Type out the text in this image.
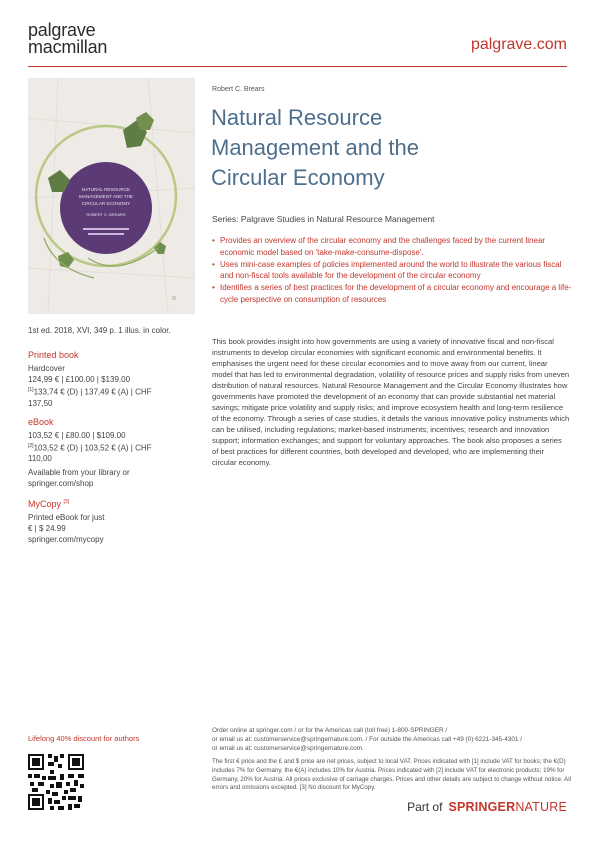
palgrave
macmillan	palgrave.com
NATURAL RESOURCE
MANAGEMENT AND THE
CIRCULAR ECONOMY
ROBERT C. BREARS
1st ed. 2018, XVI, 349 p. 1 illus. in color.
Printed book
Hardcover
124,99 € | £100.00 | $139.00
[1]133,74 € (D) | 137,49 € (A) | CHF
137,50
eBook
103,52 € | £80.00 | $109.00
[2]103,52 € (D) | 103,52 € (A) | CHF
110,00
Available from your library or
springer.com/shop
MyCopy [3]
Printed eBook for just
€ | $ 24.99
springer.com/mycopy
Robert C. Brears
Natural Resource
Management and the
Circular Economy
Series: Palgrave Studies in Natural Resource Management
• Provides an overview of the circular economy and the challenges faced by the current linear economic model based on 'take-make-consume-dispose'.
• Uses mini-case examples of policies implemented around the world to illustrate the various fiscal and non-fiscal tools available for the development of the circular economy
• Identifies a series of best practices for the development of a circular economy and encourage a life-cycle perspective on consumption of resources

This book provides insight into how governments are using a variety of innovative fiscal and non-fiscal instruments to develop circular economies with significant economic and environmental benefits. It emphasises the urgent need for these circular economies and to move away from our current, linear model that has led to environmental degradation, volatility of resource prices and supply risks from uneven distribution of natural resources. Natural Resource Management and the Circular Economy illustrates how governments have promoted the development of an economy that can provide substantial net material savings; mitigate price volatility and supply risks; and improve ecosystem health and long-term resilience of the economy. Through a series of case studies, it details the various innovative policy instruments which can be utilised, including regulations; market-based instruments; incentives; research and innovation support; information exchanges; and support for voluntary approaches. The book also proposes a series of best practices for different countries, both developed and developed, who are implementing their circular economy.

Lifelong 40% discount for authors
Order online at springer.com / or for the Americas call (toll free) 1-800-SPRINGER /
or email us at: customerservice@springernature.com. / For outside the Americas call +49 (0) 6221-345-4301 /
or email us at: customerservice@springernature.com.

The first € price and the £ and $ price are net prices, subject to local VAT. Prices indicated with [1] include VAT for books; the €(D) includes 7% for Germany, the €(A) includes 10% for Austria. Prices indicated with [2] include VAT for electronic products; 19% for Germany, 20% for Austria. All prices exclusive of carriage charges. Prices and other details are subject to change without notice. All errors and omissions excepted. [3] No discount for MyCopy.

Part of SPRINGERNATURE
